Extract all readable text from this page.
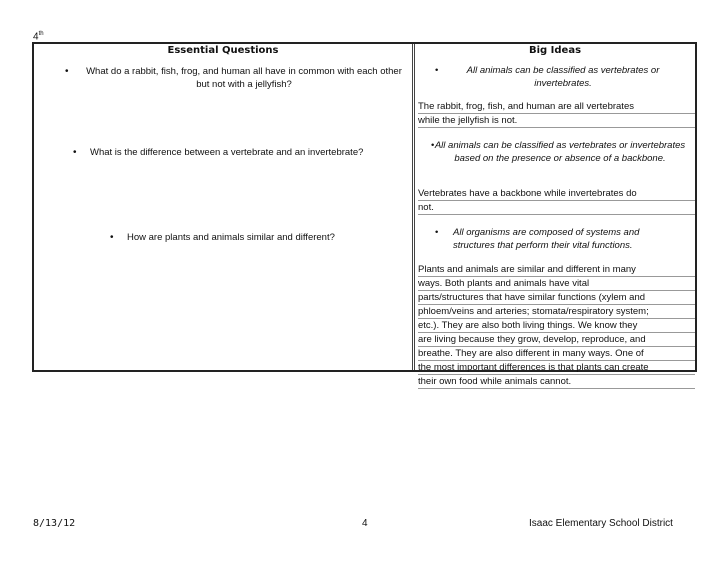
4th
Essential Questions
•	What do a rabbit, fish, frog, and human all have in common with each other but not with a jellyfish?
• What is the difference between a vertebrate and an invertebrate?
• How are plants and animals similar and different?
Big Ideas
•	All animals can be classified as vertebrates or invertebrates.
The rabbit, frog, fish, and human are all vertebrates
while the jellyfish is not.
• All animals can be classified as vertebrates or invertebrates based on the presence or absence of a backbone.
Vertebrates have a backbone while invertebrates do
not.
• All organisms are composed of systems and structures that perform their vital functions.
Plants and animals are similar and different in many
ways. Both plants and animals have vital
parts/structures that have similar functions (xylem and
phloem/veins and arteries; stomata/respiratory system;
etc.). They are also both living things. We know they
are living because they grow, develop, reproduce, and
breathe. They are also different in many ways. One of
the most important differences is that plants can create
their own food while animals cannot.
8/13/12	4	Isaac Elementary School District
